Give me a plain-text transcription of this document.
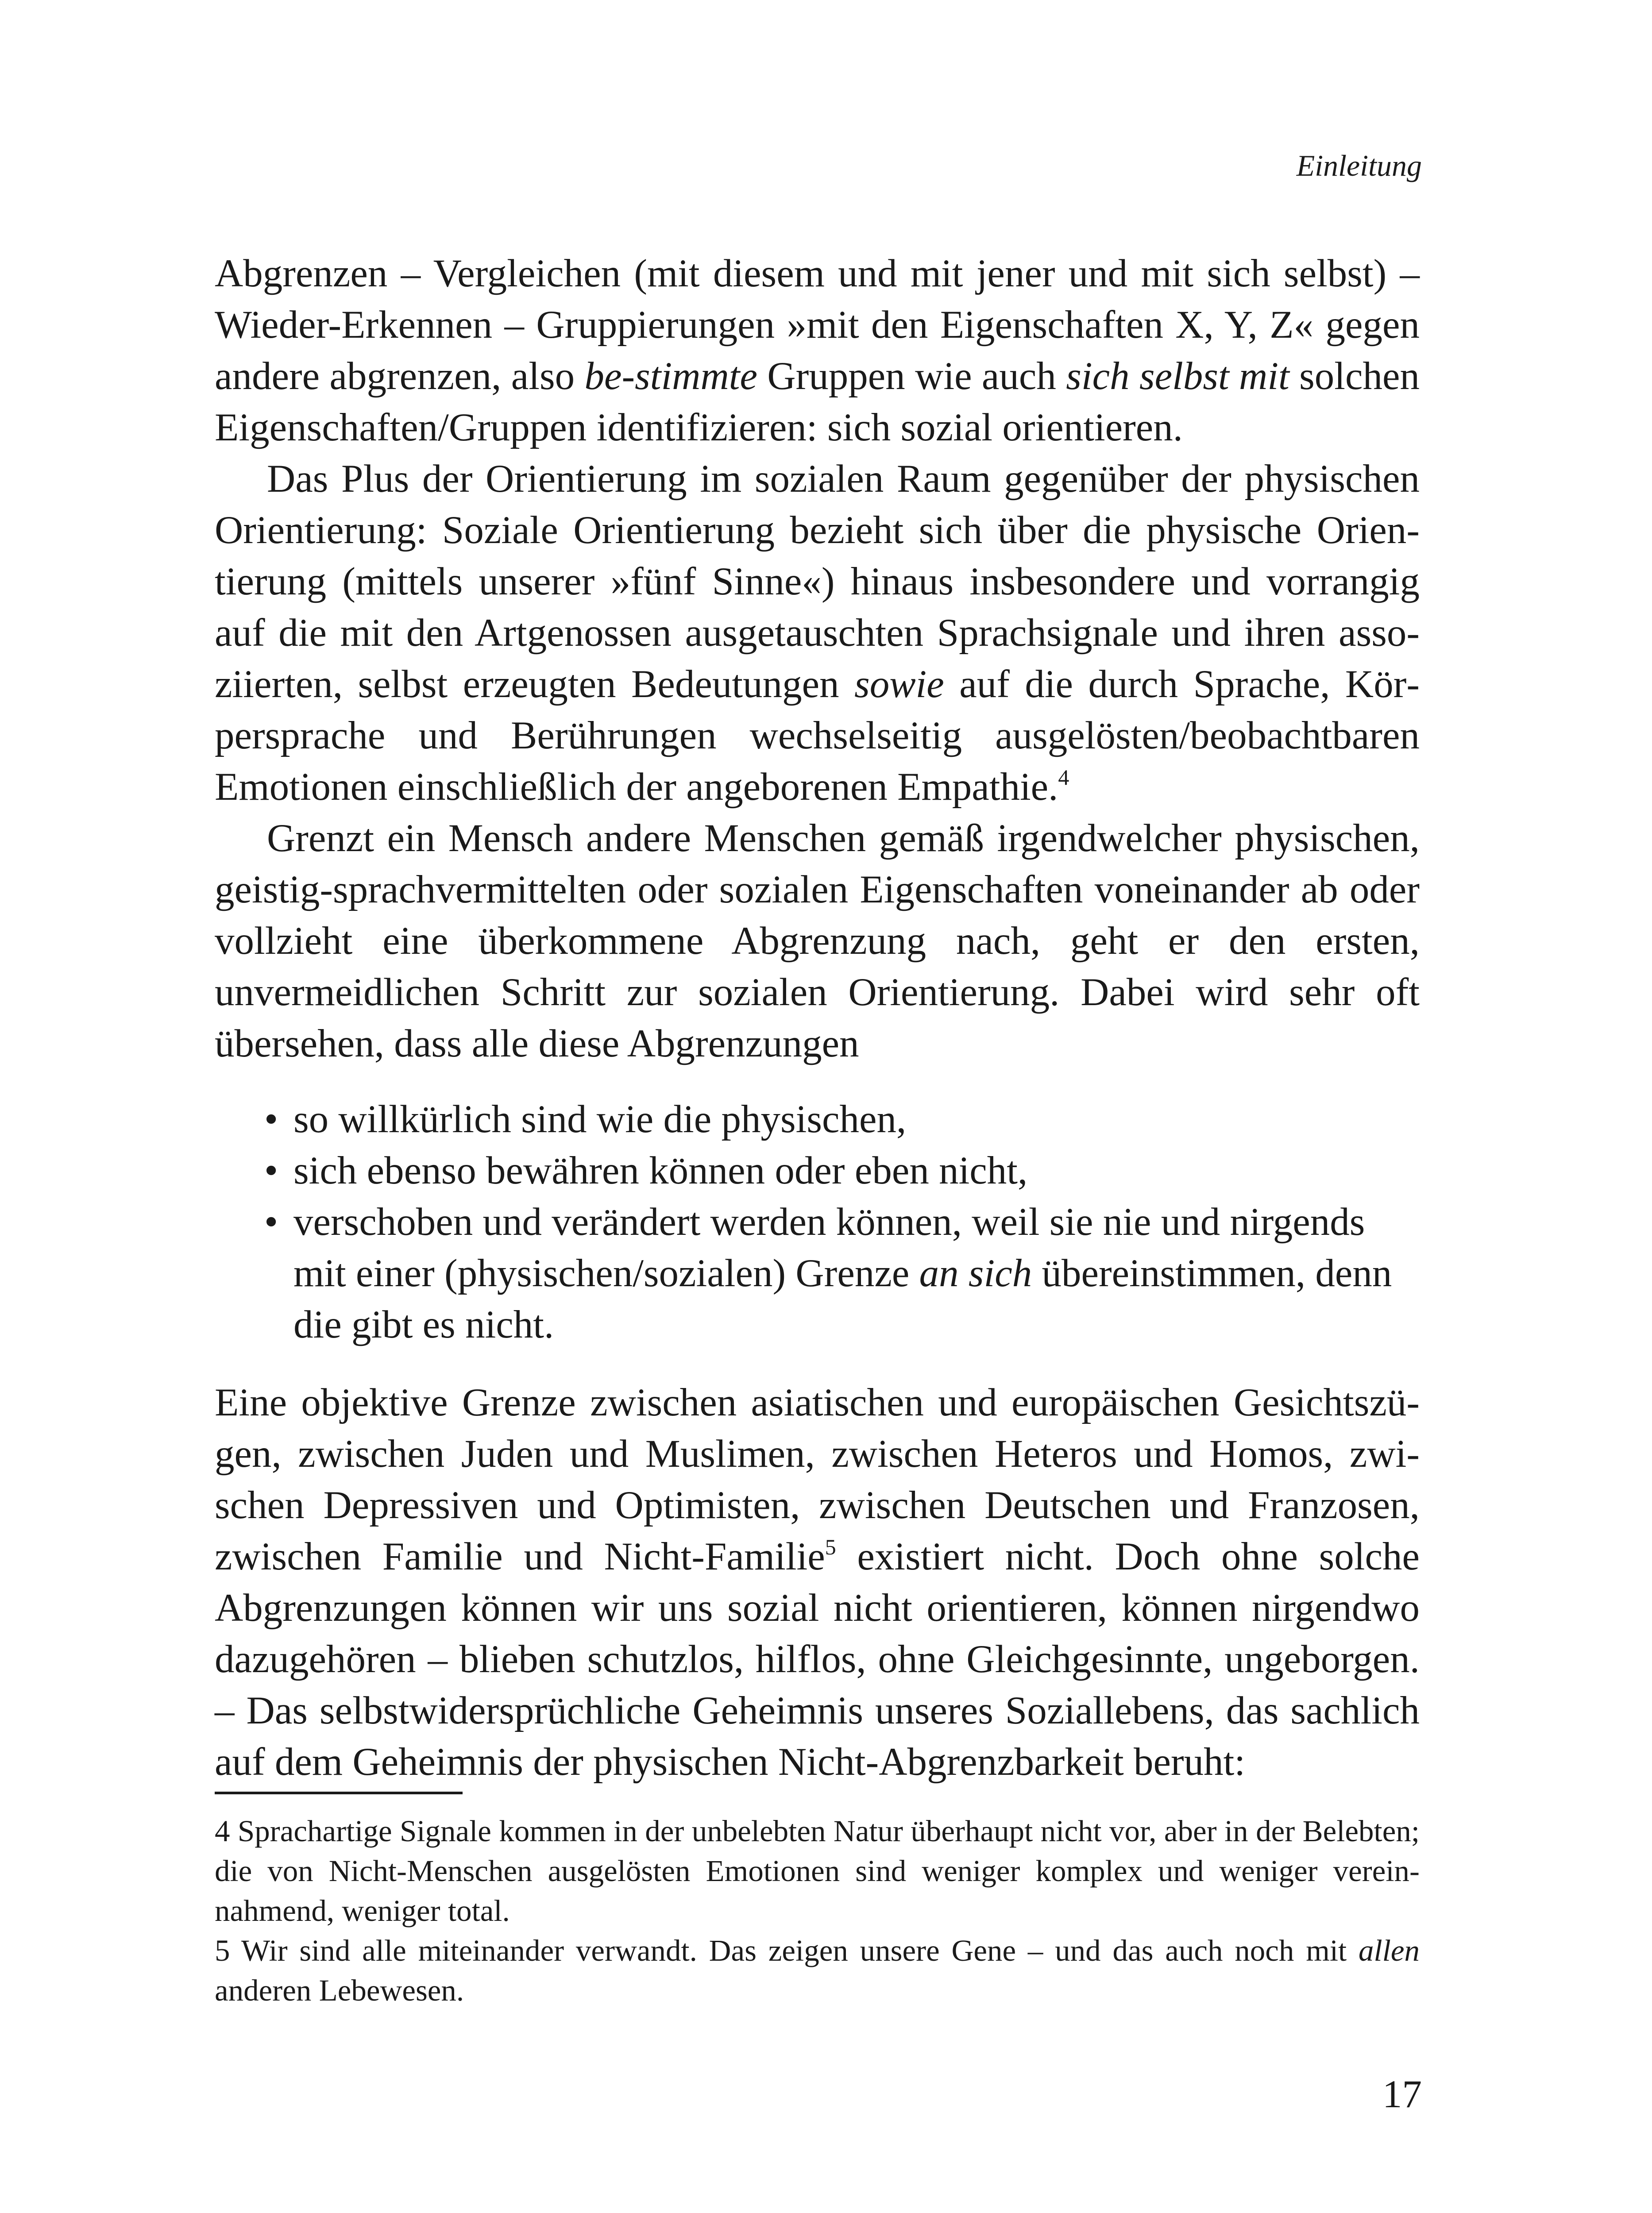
Einleitung

Abgrenzen – Vergleichen (mit diesem und mit jener und mit sich selbst) – Wieder-Erkennen – Gruppierungen »mit den Eigenschaften X, Y, Z« gegen andere abgrenzen, also be-stimmte Gruppen wie auch sich selbst mit solchen Eigenschaften/Gruppen identifizieren: sich sozial orientieren.

Das Plus der Orientierung im sozialen Raum gegenüber der physischen Orientierung: Soziale Orientierung bezieht sich über die physische Orientierung (mittels unserer »fünf Sinne«) hinaus insbesondere und vorrangig auf die mit den Artgenossen ausgetauschten Sprachsignale und ihren assoziierten, selbst erzeugten Bedeutungen sowie auf die durch Sprache, Körpersprache und Berührungen wechselseitig ausgelösten/beobachtbaren Emotionen einschließlich der angeborenen Empathie.$^4$

Grenzt ein Mensch andere Menschen gemäß irgendwelcher physischen, geistig-sprachvermittelten oder sozialen Eigenschaften voneinander ab oder vollzieht eine überkommene Abgrenzung nach, geht er den ersten, unvermeidlichen Schritt zur sozialen Orientierung. Dabei wird sehr oft übersehen, dass alle diese Abgrenzungen

• so willkürlich sind wie die physischen,
• sich ebenso bewähren können oder eben nicht,
• verschoben und verändert werden können, weil sie nie und nirgends mit einer (physischen/sozialen) Grenze an sich übereinstimmen, denn die gibt es nicht.

Eine objektive Grenze zwischen asiatischen und europäischen Gesichtszügen, zwischen Juden und Muslimen, zwischen Heteros und Homos, zwischen Depressiven und Optimisten, zwischen Deutschen und Franzosen, zwischen Familie und Nicht-Familie$^5$ existiert nicht. Doch ohne solche Abgrenzungen können wir uns sozial nicht orientieren, können nirgendwo dazugehören – blieben schutzlos, hilflos, ohne Gleichgesinnte, ungeborgen. – Das selbstwidersprüchliche Geheimnis unseres Soziallebens, das sachlich auf dem Geheimnis der physischen Nicht-Abgrenzbarkeit beruht:

4 Sprachartige Signale kommen in der unbelebten Natur überhaupt nicht vor, aber in der Belebten; die von Nicht-Menschen ausgelösten Emotionen sind weniger komplex und weniger vereinnahmend, weniger total.

5 Wir sind alle miteinander verwandt. Das zeigen unsere Gene – und das auch noch mit allen anderen Lebewesen.

17
